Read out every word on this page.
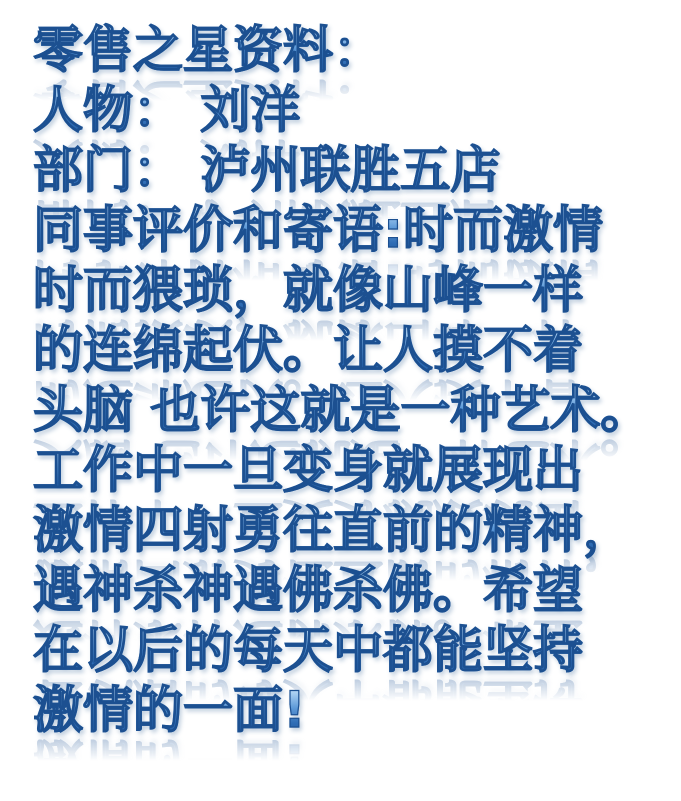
零售之星资料：
人物： 刘洋
部门： 泸州联胜五店
同事评价和寄语:时而激情
时而猥琐，就像山峰一样
的连绵起伏。让人摸不着
头脑 也许这就是一种艺术。
工作中一旦变身就展现出
激情四射勇往直前的精神，
遇神杀神遇佛杀佛。希望
在以后的每天中都能坚持
激情的一面!
